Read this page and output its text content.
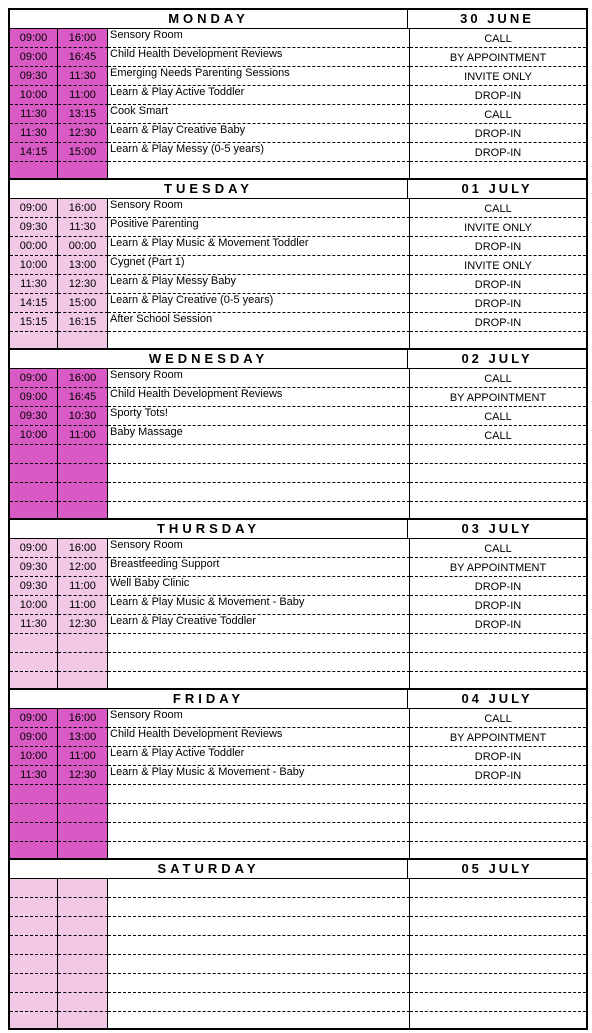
MONDAY	30 JUNE
09:00	16:00	Sensory Room	CALL
09:00	16:45	Child Health Development Reviews	BY APPOINTMENT
09:30	11:30	Emerging Needs Parenting Sessions	INVITE ONLY
10:00	11:00	Learn & Play Active Toddler	DROP-IN
11:30	13:15	Cook Smart	CALL
11:30	12:30	Learn & Play Creative Baby	DROP-IN
14:15	15:00	Learn & Play Messy (0-5 years)	DROP-IN
TUESDAY	01 JULY
09:00	16:00	Sensory Room	CALL
09:30	11:30	Positive Parenting	INVITE ONLY
00:00	00:00	Learn & Play Music & Movement Toddler	DROP-IN
10:00	13:00	Cygnet (Part 1)	INVITE ONLY
11:30	12:30	Learn & Play Messy Baby	DROP-IN
14:15	15:00	Learn & Play Creative (0-5 years)	DROP-IN
15:15	16:15	After School Session	DROP-IN
WEDNESDAY	02 JULY
09:00	16:00	Sensory Room	CALL
09:00	16:45	Child Health Development Reviews	BY APPOINTMENT
09:30	10:30	Sporty Tots!	CALL
10:00	11:00	Baby Massage	CALL
THURSDAY	03 JULY
09:00	16:00	Sensory Room	CALL
09:30	12:00	Breastfeeding Support	BY APPOINTMENT
09:30	11:00	Well Baby Clinic	DROP-IN
10:00	11:00	Learn & Play Music & Movement - Baby	DROP-IN
11:30	12:30	Learn & Play Creative Toddler	DROP-IN
FRIDAY	04 JULY
09:00	16:00	Sensory Room	CALL
09:00	13:00	Child Health Development Reviews	BY APPOINTMENT
10:00	11:00	Learn & Play Active Toddler	DROP-IN
11:30	12:30	Learn & Play Music & Movement - Baby	DROP-IN
SATURDAY	05 JULY
